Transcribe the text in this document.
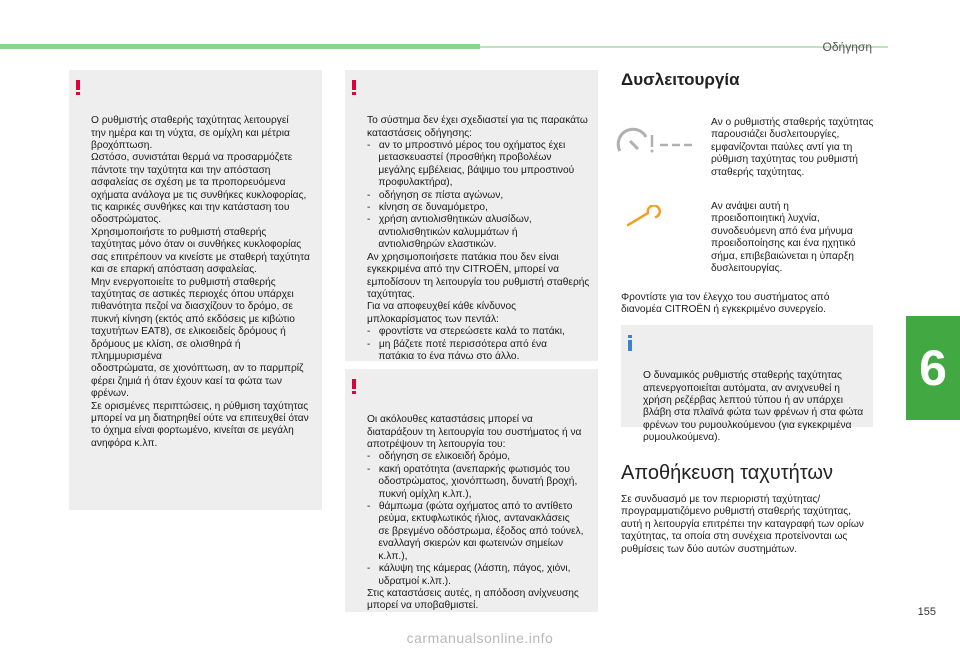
Οδήγηση
6
155

Ο ρυθμιστής σταθερής ταχύτητας λειτουργεί
την ημέρα και τη νύχτα, σε ομίχλη και μέτρια
βροχόπτωση.
Ωστόσο, συνιστάται θερμά να προσαρμόζετε
πάντοτε την ταχύτητα και την απόσταση
ασφαλείας σε σχέση με τα προπορευόμενα
οχήματα ανάλογα με τις συνθήκες κυκλοφορίας,
τις καιρικές συνθήκες και την κατάσταση του
οδοστρώματος.
Χρησιμοποιήστε το ρυθμιστή σταθερής
ταχύτητας μόνο όταν οι συνθήκες κυκλοφορίας
σας επιτρέπουν να κινείστε με σταθερή ταχύτητα
και σε επαρκή απόσταση ασφαλείας.
Μην ενεργοποιείτε το ρυθμιστή σταθερής
ταχύτητας σε αστικές περιοχές όπου υπάρχει
πιθανότητα πεζοί να διασχίζουν το δρόμο, σε
πυκνή κίνηση (εκτός από εκδόσεις με κιβώτιο
ταχυτήτων EAT8), σε ελικοειδείς δρόμους ή
δρόμους με κλίση, σε ολισθηρά ή πλημμυρισμένα
οδοστρώματα, σε χιονόπτωση, αν το παρμπρίζ
φέρει ζημιά ή όταν έχουν καεί τα φώτα των
φρένων.
Σε ορισμένες περιπτώσεις, η ρύθμιση ταχύτητας
μπορεί να μη διατηρηθεί ούτε να επιτευχθεί όταν
το όχημα είναι φορτωμένο, κινείται σε μεγάλη
ανηφόρα κ.λπ.

Το σύστημα δεν έχει σχεδιαστεί για τις παρακάτω
καταστάσεις οδήγησης:
-   αν το μπροστινό μέρος του οχήματος έχει
μετασκευαστεί (προσθήκη προβολέων
μεγάλης εμβέλειας, βάψιμο του μπροστινού
προφυλακτήρα),
-   οδήγηση σε πίστα αγώνων,
-   κίνηση σε δυναμόμετρο,
-   χρήση αντιολισθητικών αλυσίδων,
αντιολισθητικών καλυμμάτων ή
αντιολισθηρών ελαστικών.
Αν χρησιμοποιήσετε πατάκια που δεν είναι
εγκεκριμένα από την CITROËN, μπορεί να
εμποδίσουν τη λειτουργία του ρυθμιστή σταθερής
ταχύτητας.
Για να αποφευχθεί κάθε κίνδυνος
μπλοκαρίσματος των πεντάλ:
-   φροντίστε να στερεώσετε καλά το πατάκι,
-   μη βάζετε ποτέ περισσότερα από ένα
πατάκια το ένα πάνω στο άλλο.

Οι ακόλουθες καταστάσεις μπορεί να
διαταράξουν τη λειτουργία του συστήματος ή να
αποτρέψουν τη λειτουργία του:
-   οδήγηση σε ελικοειδή δρόμο,
-   κακή ορατότητα (ανεπαρκής φωτισμός του
οδοστρώματος, χιονόπτωση, δυνατή βροχή,
πυκνή ομίχλη κ.λπ.),
-   θάμπωμα (φώτα οχήματος από το αντίθετο
ρεύμα, εκτυφλωτικός ήλιος, αντανακλάσεις
σε βρεγμένο οδόστρωμα, έξοδος από τούνελ,
εναλλαγή σκιερών και φωτεινών σημείων
κ.λπ.),
-   κάλυψη της κάμερας (λάσπη, πάγος, χιόνι,
υδρατμοί κ.λπ.).
Στις καταστάσεις αυτές, η απόδοση ανίχνευσης
μπορεί να υποβαθμιστεί.

Δυσλειτουργία
Αν ο ρυθμιστής σταθερής ταχύτητας
παρουσιάζει δυσλειτουργίες,
εμφανίζονται παύλες αντί για τη
ρύθμιση ταχύτητας του ρυθμιστή
σταθερής ταχύτητας.
Αν ανάψει αυτή η
προειδοποιητική λυχνία,
συνοδευόμενη από ένα μήνυμα
προειδοποίησης και ένα ηχητικό
σήμα, επιβεβαιώνεται η ύπαρξη
δυσλειτουργίας.
Φροντίστε για τον έλεγχο του συστήματος από
διανομέα CITROËN ή εγκεκριμένο συνεργείο.

Ο δυναμικός ρυθμιστής σταθερής ταχύτητας
απενεργοποιείται αυτόματα, αν ανιχνευθεί η
χρήση ρεζέρβας λεπτού τύπου ή αν υπάρχει
βλάβη στα πλαϊνά φώτα των φρένων ή στα φώτα
φρένων του ρυμουλκούμενου (για εγκεκριμένα
ρυμουλκούμενα).

Αποθήκευση ταχυτήτων
Σε συνδυασμό με τον περιοριστή ταχύτητας/
προγραμματιζόμενο ρυθμιστή σταθερής ταχύτητας,
αυτή η λειτουργία επιτρέπει την καταγραφή των ορίων
ταχύτητας, τα οποία στη συνέχεια προτείνονται ως
ρυθμίσεις των δύο αυτών συστημάτων.
carmanualsonline.info
